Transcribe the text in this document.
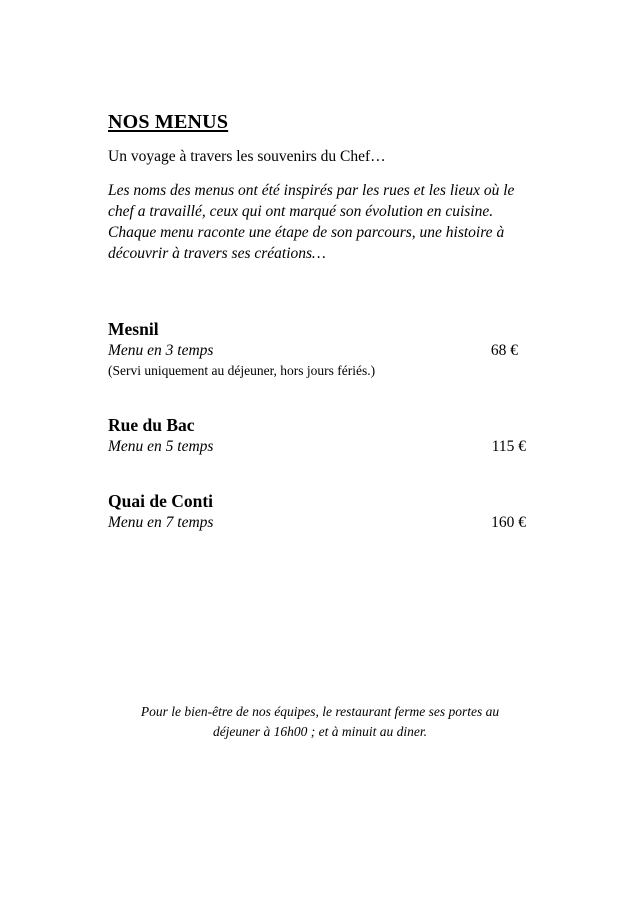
NOS MENUS
Un voyage à travers les souvenirs du Chef…

Les noms des menus ont été inspirés par les rues et les lieux où le chef a travaillé, ceux qui ont marqué son évolution en cuisine.

Chaque menu raconte une étape de son parcours, une histoire à découvrir à travers ses créations…

Mesnil
Menu en 3 temps	68 €
(Servi uniquement au déjeuner, hors jours fériés.)
Rue du Bac
Menu en 5 temps	115 €
Quai de Conti
Menu en 7 temps	160 €

Pour le bien-être de nos équipes, le restaurant ferme ses portes au

déjeuner à 16h00 ; et à minuit au diner.
